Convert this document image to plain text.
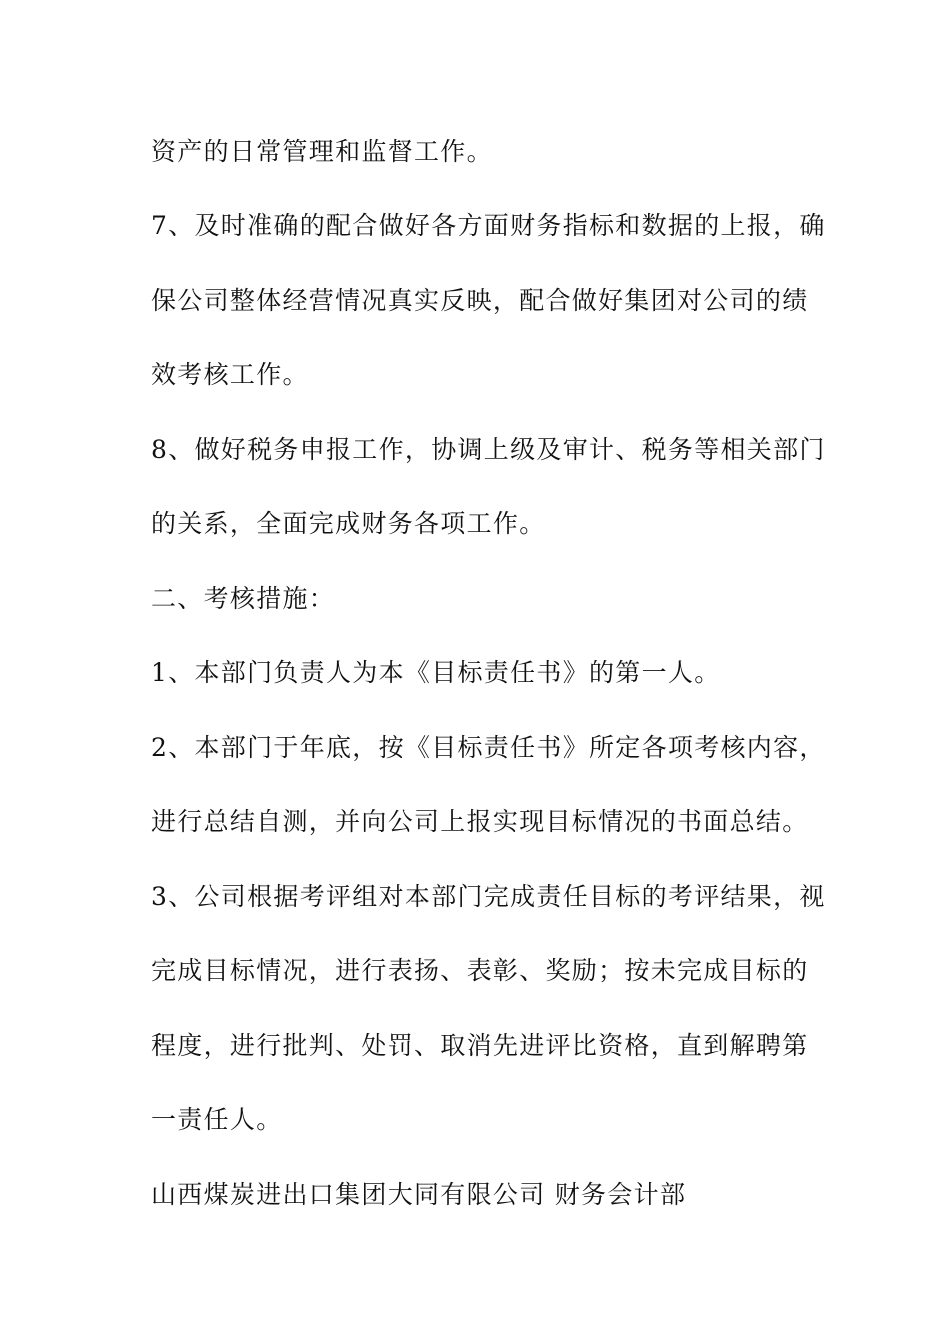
资产的日常管理和监督工作。
7、及时准确的配合做好各方面财务指标和数据的上报，确
保公司整体经营情况真实反映，配合做好集团对公司的绩
效考核工作。
8、做好税务申报工作，协调上级及审计、税务等相关部门
的关系，全面完成财务各项工作。
二、考核措施：
1、本部门负责人为本《目标责任书》的第一人。
2、本部门于年底，按《目标责任书》所定各项考核内容，
进行总结自测，并向公司上报实现目标情况的书面总结。
3、公司根据考评组对本部门完成责任目标的考评结果，视
完成目标情况，进行表扬、表彰、奖励；按未完成目标的
程度，进行批判、处罚、取消先进评比资格，直到解聘第
一责任人。
山西煤炭进出口集团大同有限公司 财务会计部
